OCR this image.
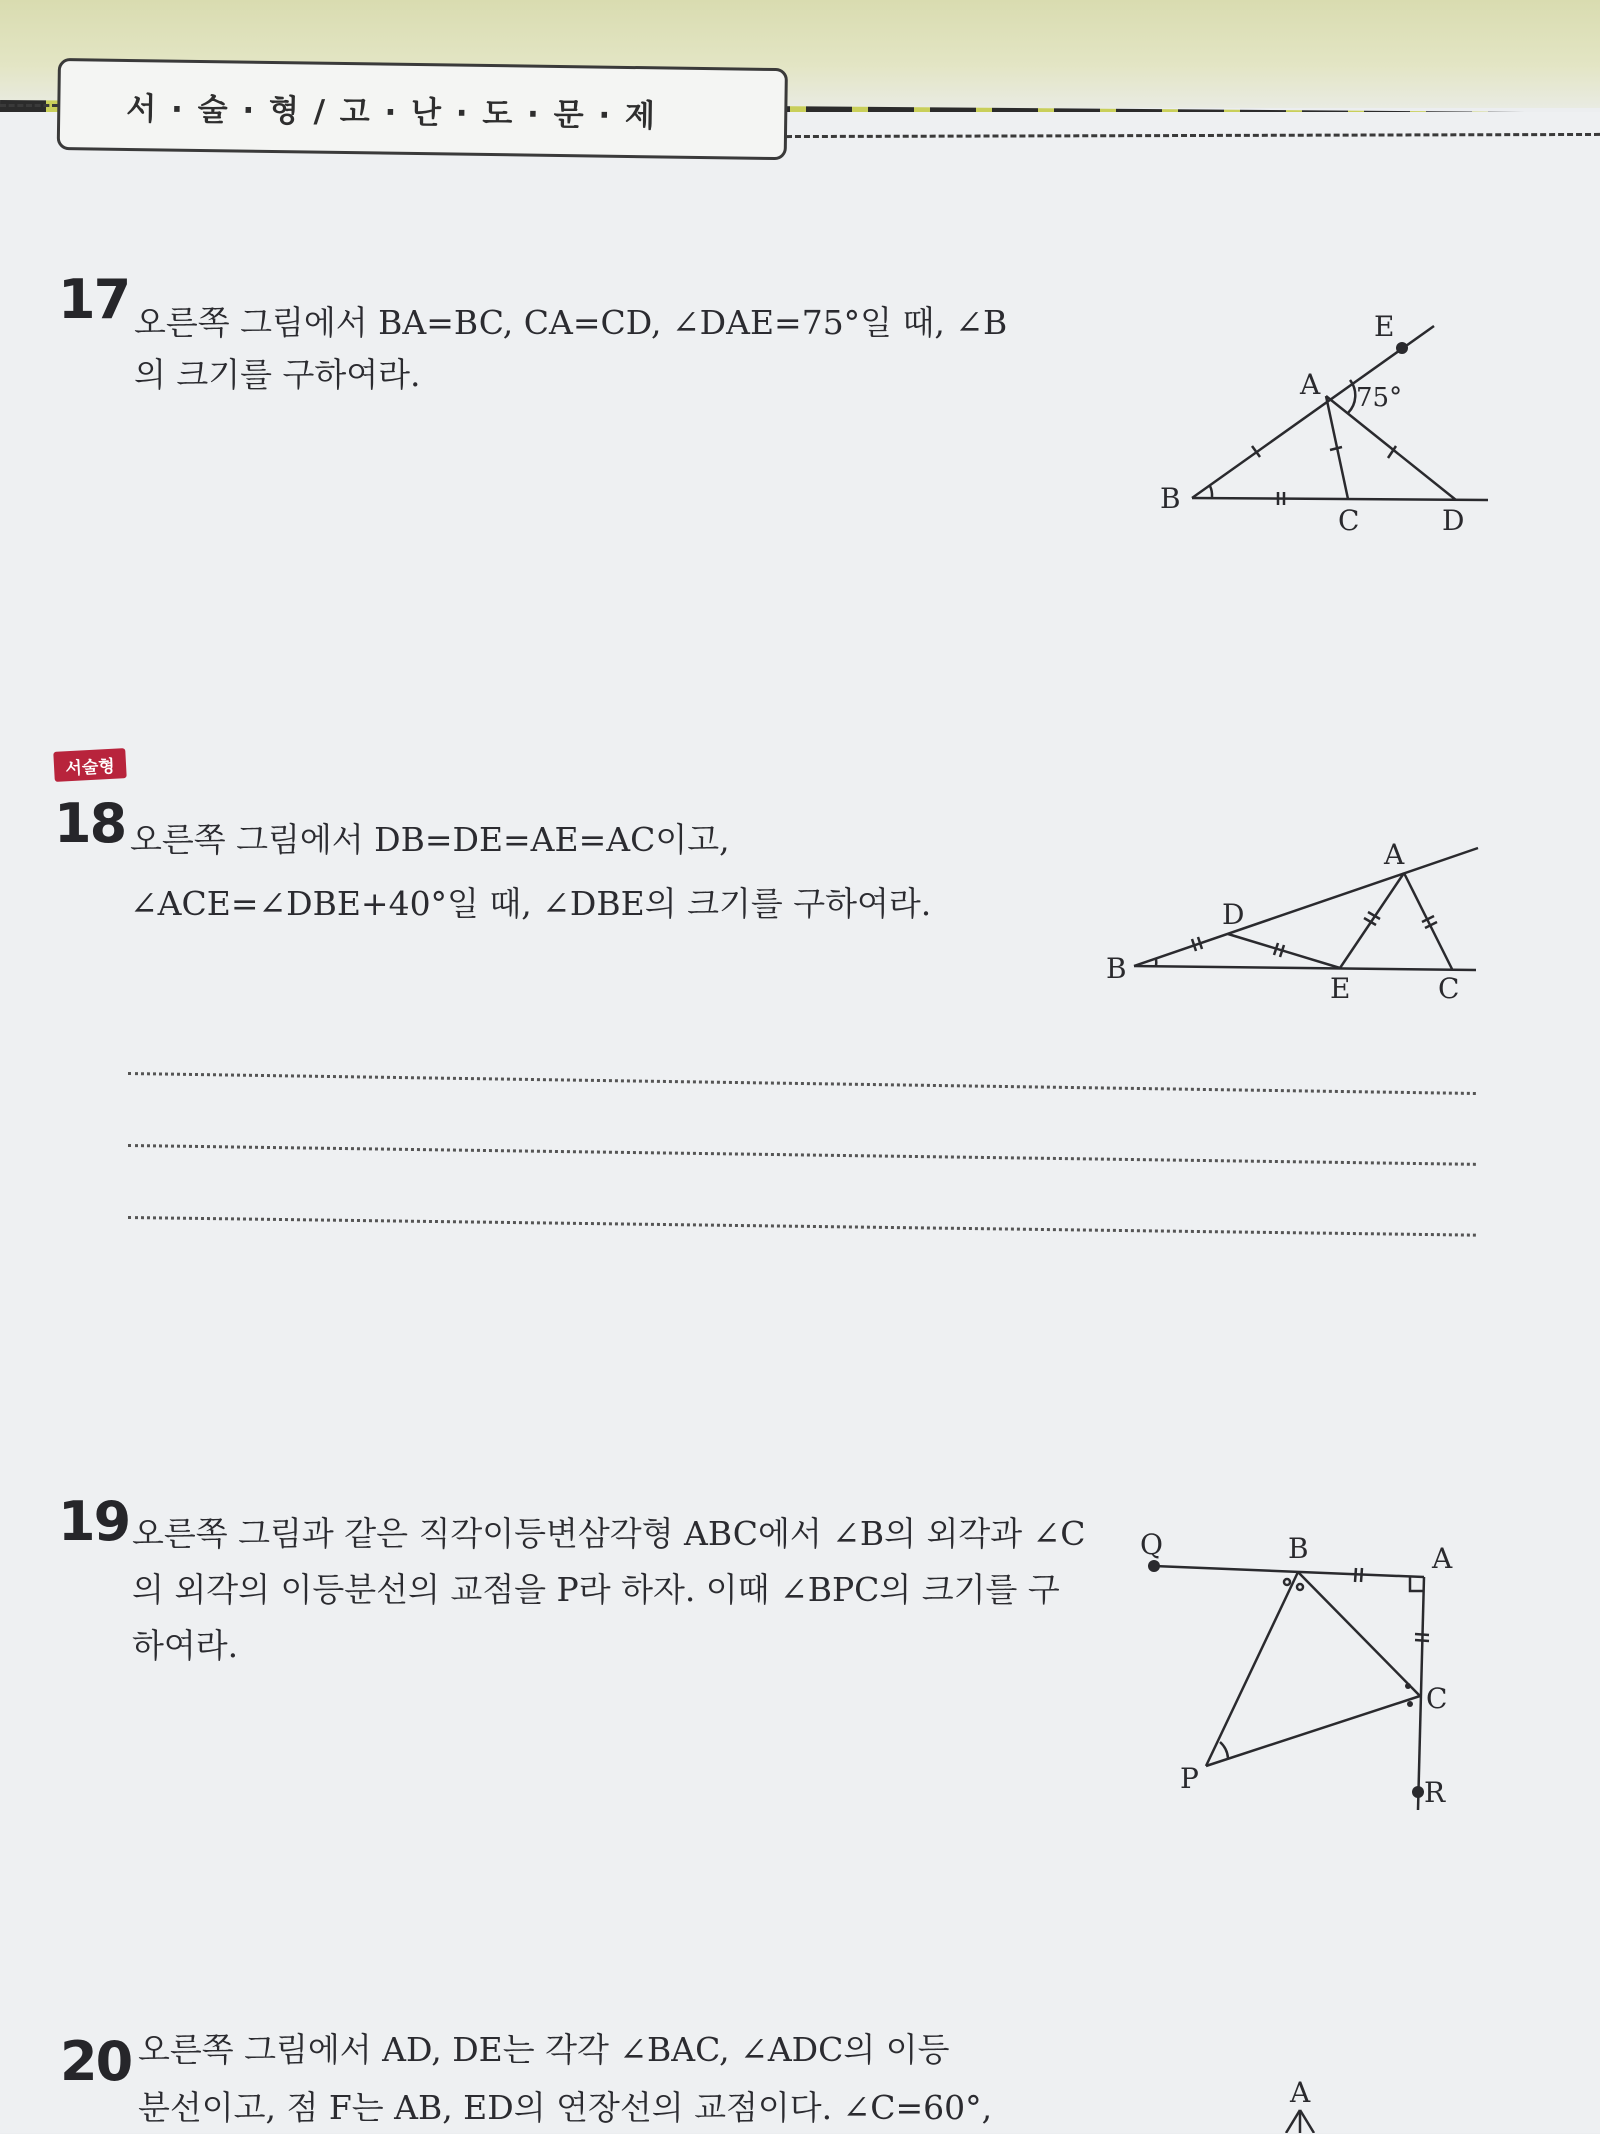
서 · 술 · 형 / 고 · 난 · 도 · 문 · 제
17 오른쪽 그림에서 BA=BC, CA=CD, ∠DAE=75°일 때, ∠B
의 크기를 구하여라.
E
A 75°
B
C	D
서술형
18 오른쪽 그림에서 DB=DE=AE=AC이고,
∠ACE=∠DBE+40°일 때, ∠DBE의 크기를 구하여라.
A
D
B
E	C
19 오른쪽 그림과 같은 직각이등변삼각형 ABC에서 ∠B의 외각과 ∠C
의 외각의 이등분선의 교점을 P라 하자. 이때 ∠BPC의 크기를 구
하여라.
Q	B	A
C
P	R
20 오른쪽 그림에서 AD, DE는 각각 ∠BAC, ∠ADC의 이등
분선이고, 점 F는 AB, ED의 연장선의 교점이다. ∠C=60°,	A
